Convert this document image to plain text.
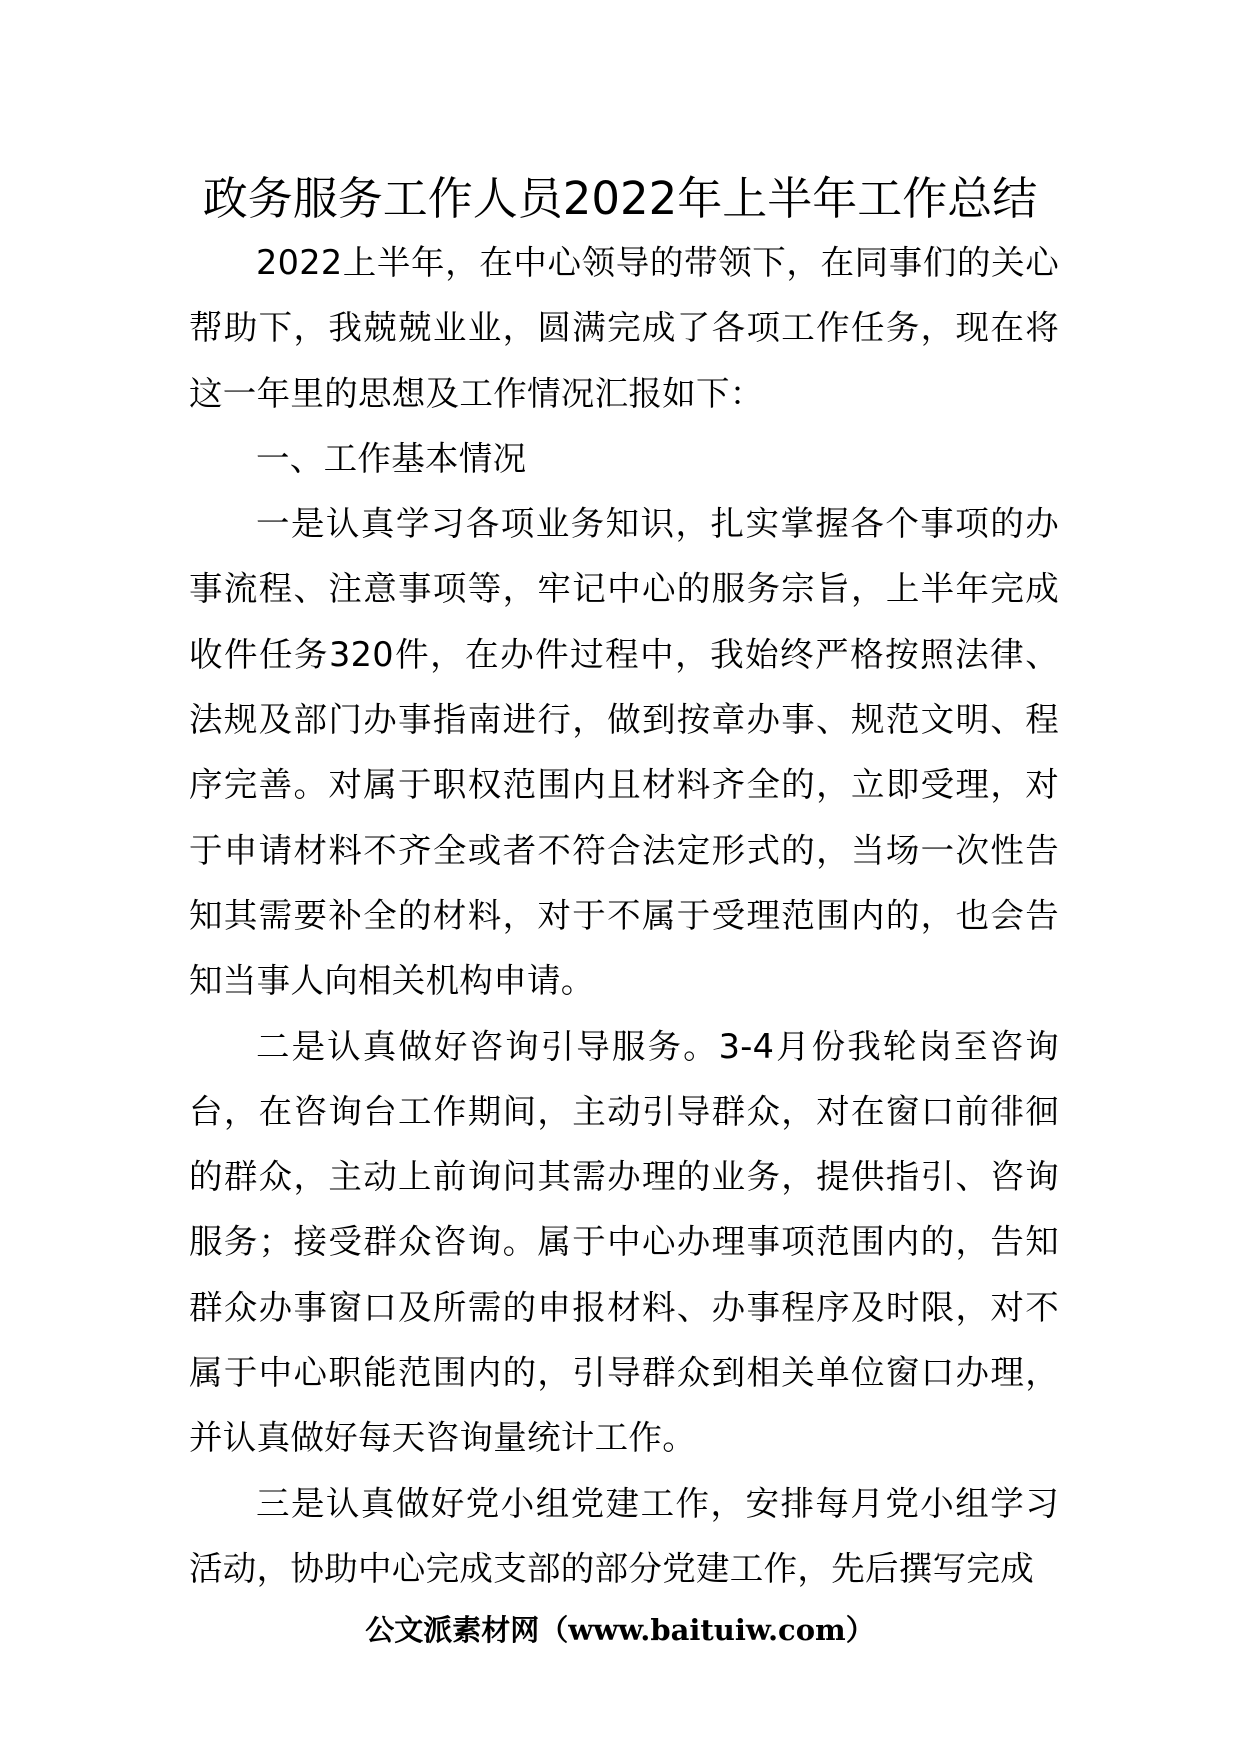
政务服务工作人员2022年上半年工作总结

2022上半年，在中心领导的带领下，在同事们的关心帮助下，我兢兢业业，圆满完成了各项工作任务，现在将这一年里的思想及工作情况汇报如下：

一、工作基本情况

一是认真学习各项业务知识，扎实掌握各个事项的办事流程、注意事项等，牢记中心的服务宗旨，上半年完成收件任务320件，在办件过程中，我始终严格按照法律、法规及部门办事指南进行，做到按章办事、规范文明、程序完善。对属于职权范围内且材料齐全的，立即受理，对于申请材料不齐全或者不符合法定形式的，当场一次性告知其需要补全的材料，对于不属于受理范围内的，也会告知当事人向相关机构申请。

二是认真做好咨询引导服务。3-4月份我轮岗至咨询台，在咨询台工作期间，主动引导群众，对在窗口前徘徊的群众，主动上前询问其需办理的业务，提供指引、咨询服务；接受群众咨询。属于中心办理事项范围内的，告知群众办事窗口及所需的申报材料、办事程序及时限，对不属于中心职能范围内的，引导群众到相关单位窗口办理，并认真做好每天咨询量统计工作。

三是认真做好党小组党建工作，安排每月党小组学习活动，协助中心完成支部的部分党建工作，先后撰写完成

公文派素材网（www.baituiw.com）
